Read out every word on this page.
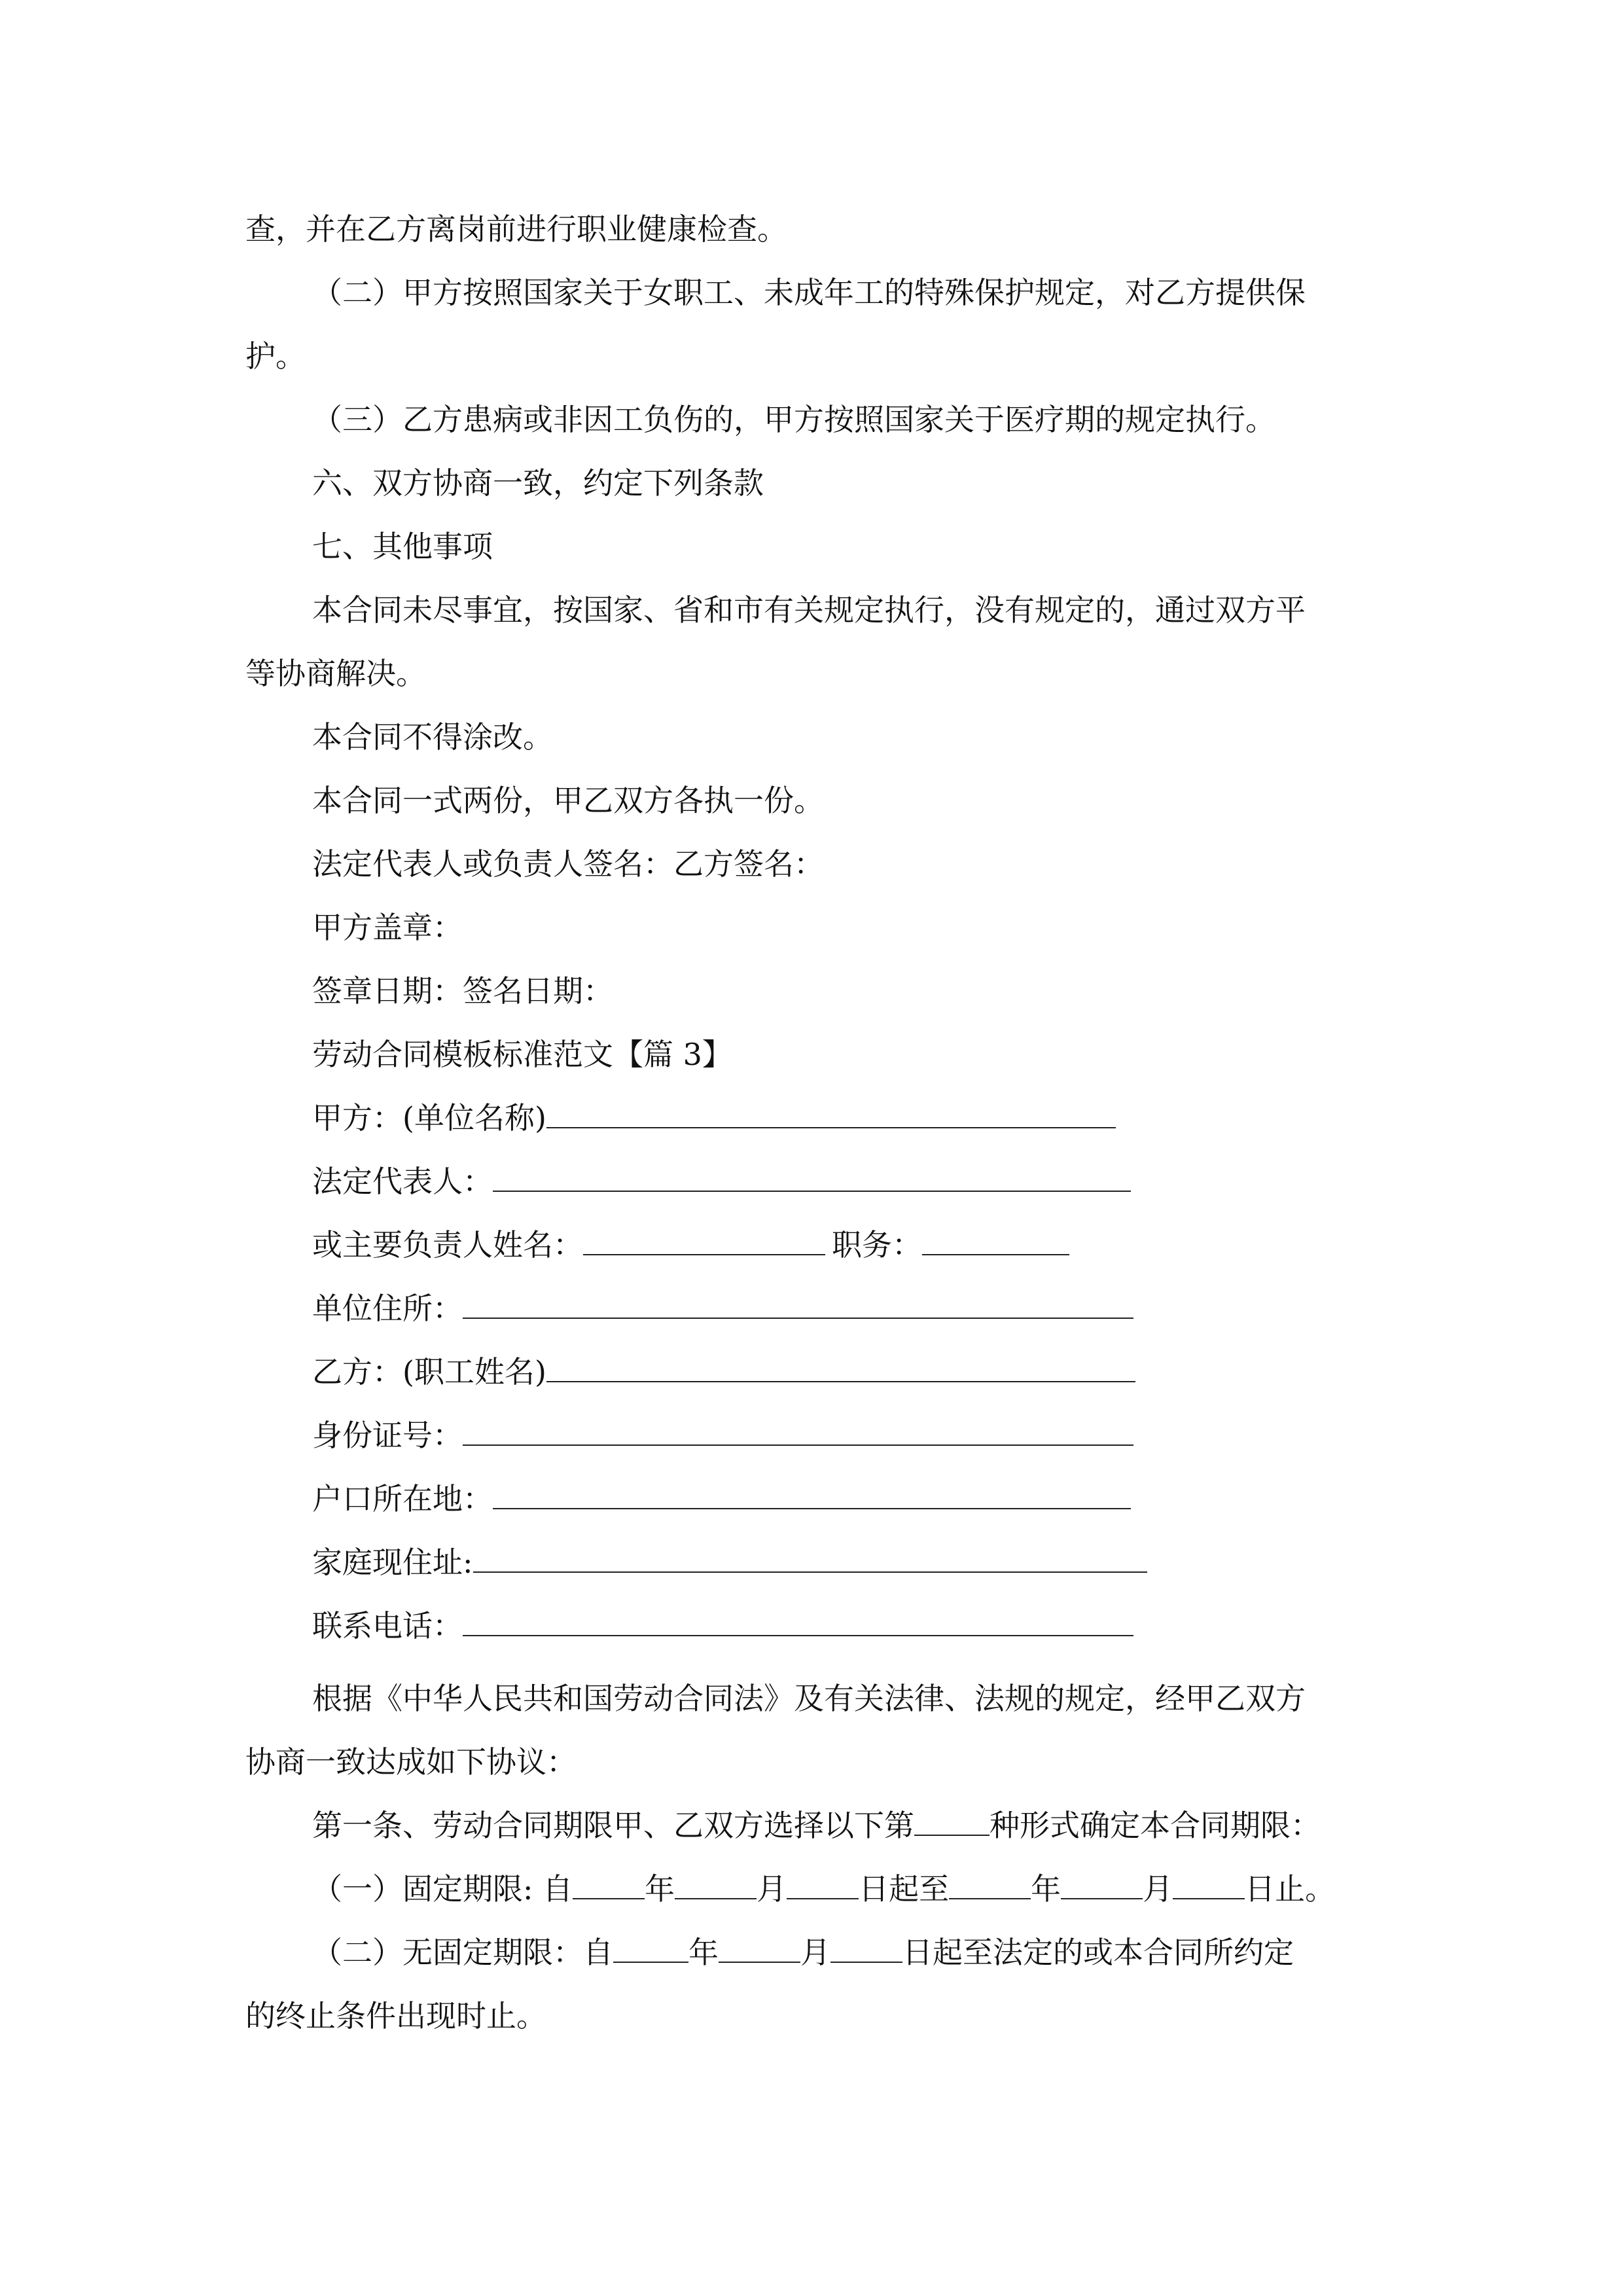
查，并在乙方离岗前进行职业健康检查。
（二）甲方按照国家关于女职工、未成年工的特殊保护规定，对乙方提供保
护。
（三）乙方患病或非因工负伤的，甲方按照国家关于医疗期的规定执行。
六、双方协商一致，约定下列条款
七、其他事项
本合同未尽事宜，按国家、省和市有关规定执行，没有规定的，通过双方平
等协商解决。
本合同不得涂改。
本合同一式两份，甲乙双方各执一份。
法定代表人或负责人签名：乙方签名：
甲方盖章：
签章日期：签名日期：
劳动合同模板标准范文【篇 3】
甲方：(单位名称)
法定代表人：
或主要负责人姓名：	职务：
单位住所：
乙方：(职工姓名)
身份证号：
户口所在地：
家庭现住址:
联系电话：
根据《中华人民共和国劳动合同法》及有关法律、法规的规定，经甲乙双方
协商一致达成如下协议：
第一条、劳动合同期限甲、乙双方选择以下第	种形式确定本合同期限：
（一）固定期限: 自 年	月 日起至	年	月 日止。
（二）无固定期限：自	年	月 日起至法定的或本合同所约定
的终止条件出现时止。
